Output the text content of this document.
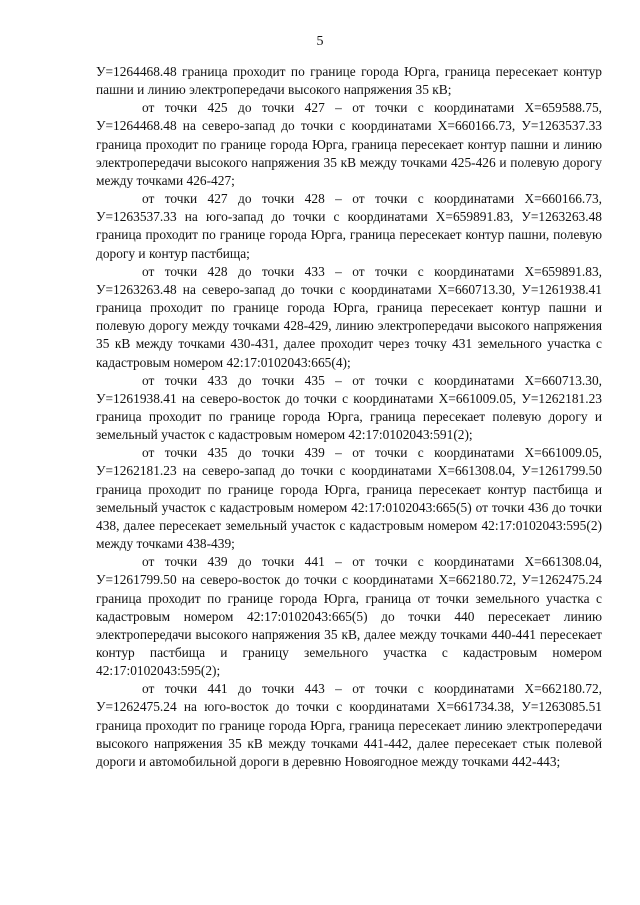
5

У=1264468.48 граница проходит по границе города Юрга, граница пересекает контур пашни и линию электропередачи высокого напряжения 35 кВ;

от точки 425 до точки 427 – от точки с координатами Х=659588.75, У=1264468.48 на северо-запад до точки с координатами Х=660166.73, У=1263537.33 граница проходит по границе города Юрга, граница пересекает контур пашни и линию электропередачи высокого напряжения 35 кВ между точками 425-426 и полевую дорогу между точками 426-427;

от точки 427 до точки 428 – от точки с координатами Х=660166.73, У=1263537.33 на юго-запад до точки с координатами Х=659891.83, У=1263263.48 граница проходит по границе города Юрга, граница пересекает контур пашни, полевую дорогу и контур пастбища;

от точки 428 до точки 433 – от точки с координатами Х=659891.83, У=1263263.48 на северо-запад до точки с координатами Х=660713.30, У=1261938.41 граница проходит по границе города Юрга, граница пересекает контур пашни и полевую дорогу между точками 428-429, линию электропередачи высокого напряжения 35 кВ между точками 430-431, далее проходит через точку 431 земельного участка с кадастровым номером 42:17:0102043:665(4);

от точки 433 до точки 435 – от точки с координатами Х=660713.30, У=1261938.41 на северо-восток до точки с координатами Х=661009.05, У=1262181.23 граница проходит по границе города Юрга, граница пересекает полевую дорогу и земельный участок с кадастровым номером 42:17:0102043:591(2);

от точки 435 до точки 439 – от точки с координатами Х=661009.05, У=1262181.23 на северо-запад до точки с координатами Х=661308.04, У=1261799.50 граница проходит по границе города Юрга, граница пересекает контур пастбища и земельный участок с кадастровым номером 42:17:0102043:665(5) от точки 436 до точки 438, далее пересекает земельный участок с кадастровым номером 42:17:0102043:595(2) между точками 438-439;

от точки 439 до точки 441 – от точки с координатами Х=661308.04, У=1261799.50 на северо-восток до точки с координатами Х=662180.72, У=1262475.24 граница проходит по границе города Юрга, граница от точки земельного участка с кадастровым номером 42:17:0102043:665(5) до точки 440 пересекает линию электропередачи высокого напряжения 35 кВ, далее между точками 440-441 пересекает контур пастбища и границу земельного участка с кадастровым номером 42:17:0102043:595(2);

от точки 441 до точки 443 – от точки с координатами Х=662180.72, У=1262475.24 на юго-восток до точки с координатами Х=661734.38, У=1263085.51 граница проходит по границе города Юрга, граница пересекает линию электропередачи высокого напряжения 35 кВ между точками 441-442, далее пересекает стык полевой дороги и автомобильной дороги в деревню Новоягодное между точками 442-443;
